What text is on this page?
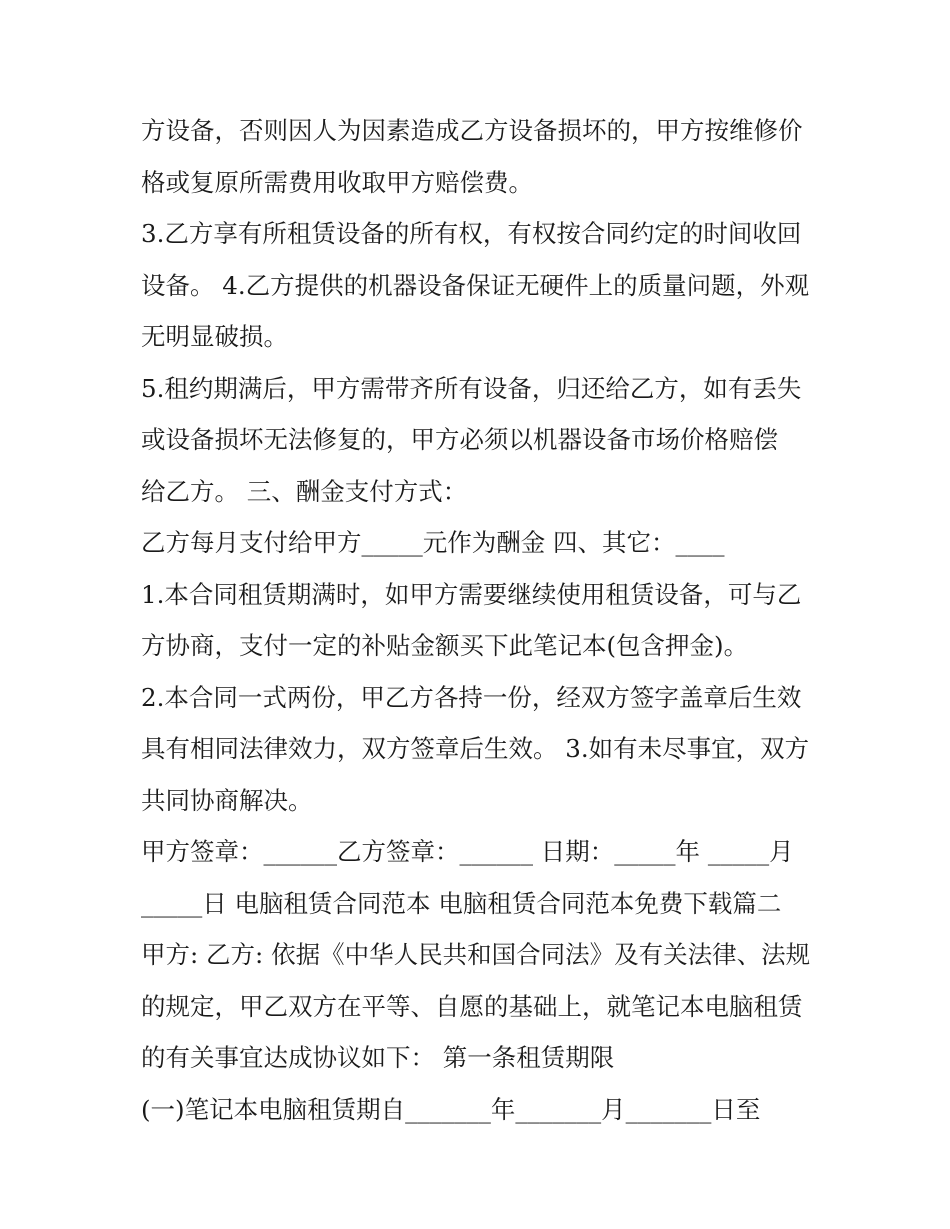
方设备，否则因人为因素造成乙方设备损坏的，甲方按维修价
格或复原所需费用收取甲方赔偿费。
3.乙方享有所租赁设备的所有权，有权按合同约定的时间收回
设备。 4.乙方提供的机器设备保证无硬件上的质量问题，外观
无明显破损。
5.租约期满后，甲方需带齐所有设备，归还给乙方，如有丢失
或设备损坏无法修复的，甲方必须以机器设备市场价格赔偿
给乙方。 三、酬金支付方式：
乙方每月支付给甲方_____元作为酬金 四、其它：____
1.本合同租赁期满时，如甲方需要继续使用租赁设备，可与乙
方协商，支付一定的补贴金额买下此笔记本(包含押金)。
2.本合同一式两份，甲乙方各持一份，经双方签字盖章后生效
具有相同法律效力，双方签章后生效。 3.如有未尽事宜，双方
共同协商解决。
甲方签章：______乙方签章：______ 日期：_____年 _____月
_____日 电脑租赁合同范本 电脑租赁合同范本免费下载篇二
甲方: 乙方: 依据《中华人民共和国合同法》及有关法律、法规
的规定，甲乙双方在平等、自愿的基础上，就笔记本电脑租赁
的有关事宜达成协议如下： 第一条租赁期限
(一)笔记本电脑租赁期自_______年_______月_______日至
